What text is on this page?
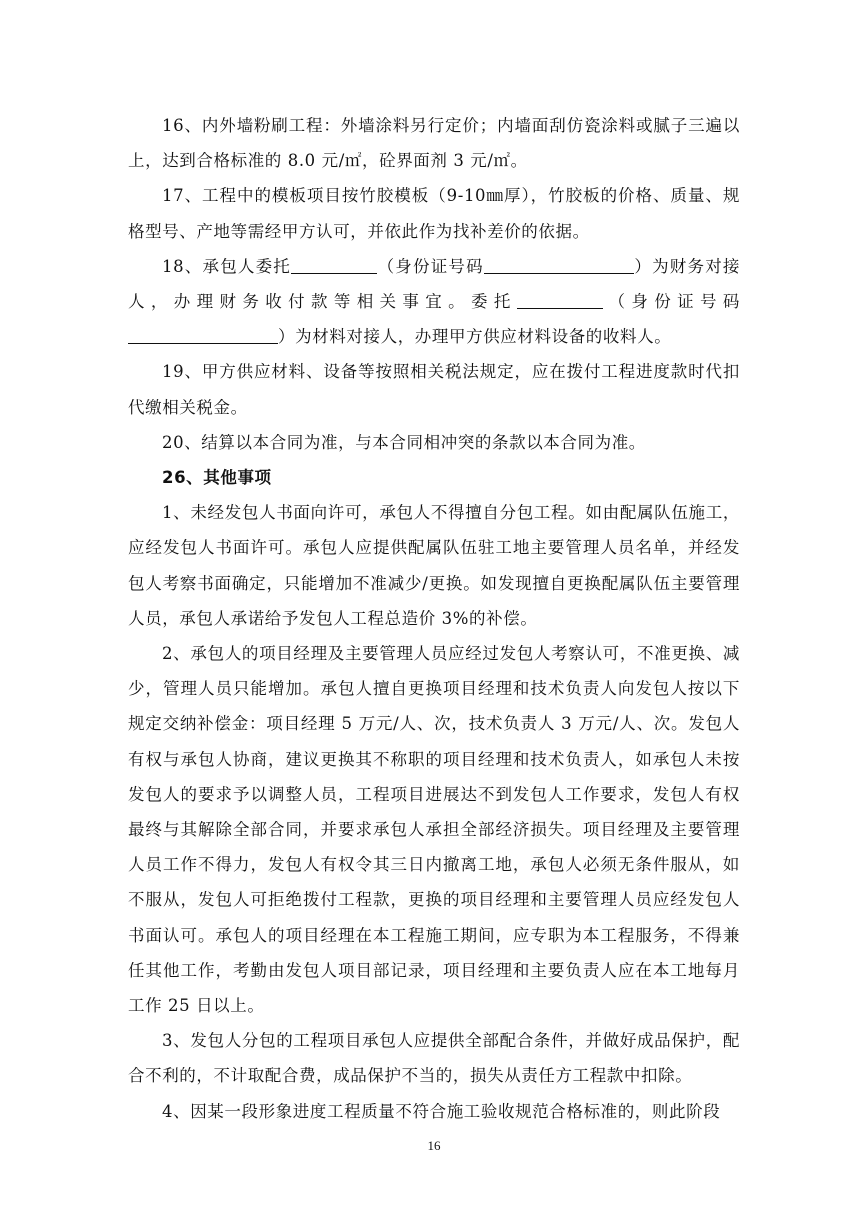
16、内外墙粉刷工程：外墙涂料另行定价；内墙面刮仿瓷涂料或腻子三遍以上，达到合格标准的 8.0 元/㎡，砼界面剂 3 元/㎡。

17、工程中的模板项目按竹胶模板（9-10㎜厚），竹胶板的价格、质量、规格型号、产地等需经甲方认可，并依此作为找补差价的依据。

18、承包人委托	（身份证号码	）为财务对接人，办理财务收付款等相关事宜。委托	（身份证号码）为材料对接人，办理甲方供应材料设备的收料人。

19、甲方供应材料、设备等按照相关税法规定，应在拨付工程进度款时代扣代缴相关税金。

20、结算以本合同为准，与本合同相冲突的条款以本合同为准。

26、其他事项

1、未经发包人书面向许可，承包人不得擅自分包工程。如由配属队伍施工，应经发包人书面许可。承包人应提供配属队伍驻工地主要管理人员名单，并经发包人考察书面确定，只能增加不准减少/更换。如发现擅自更换配属队伍主要管理人员，承包人承诺给予发包人工程总造价 3%的补偿。

2、承包人的项目经理及主要管理人员应经过发包人考察认可，不准更换、减少，管理人员只能增加。承包人擅自更换项目经理和技术负责人向发包人按以下规定交纳补偿金：项目经理 5 万元/人、次，技术负责人 3 万元/人、次。发包人有权与承包人协商，建议更换其不称职的项目经理和技术负责人，如承包人未按发包人的要求予以调整人员，工程项目进展达不到发包人工作要求，发包人有权最终与其解除全部合同，并要求承包人承担全部经济损失。项目经理及主要管理人员工作不得力，发包人有权令其三日内撤离工地，承包人必须无条件服从，如不服从，发包人可拒绝拨付工程款，更换的项目经理和主要管理人员应经发包人书面认可。承包人的项目经理在本工程施工期间，应专职为本工程服务，不得兼任其他工作，考勤由发包人项目部记录，项目经理和主要负责人应在本工地每月工作 25 日以上。

3、发包人分包的工程项目承包人应提供全部配合条件，并做好成品保护，配合不利的，不计取配合费，成品保护不当的，损失从责任方工程款中扣除。

4、因某一段形象进度工程质量不符合施工验收规范合格标准的，则此阶段

16
